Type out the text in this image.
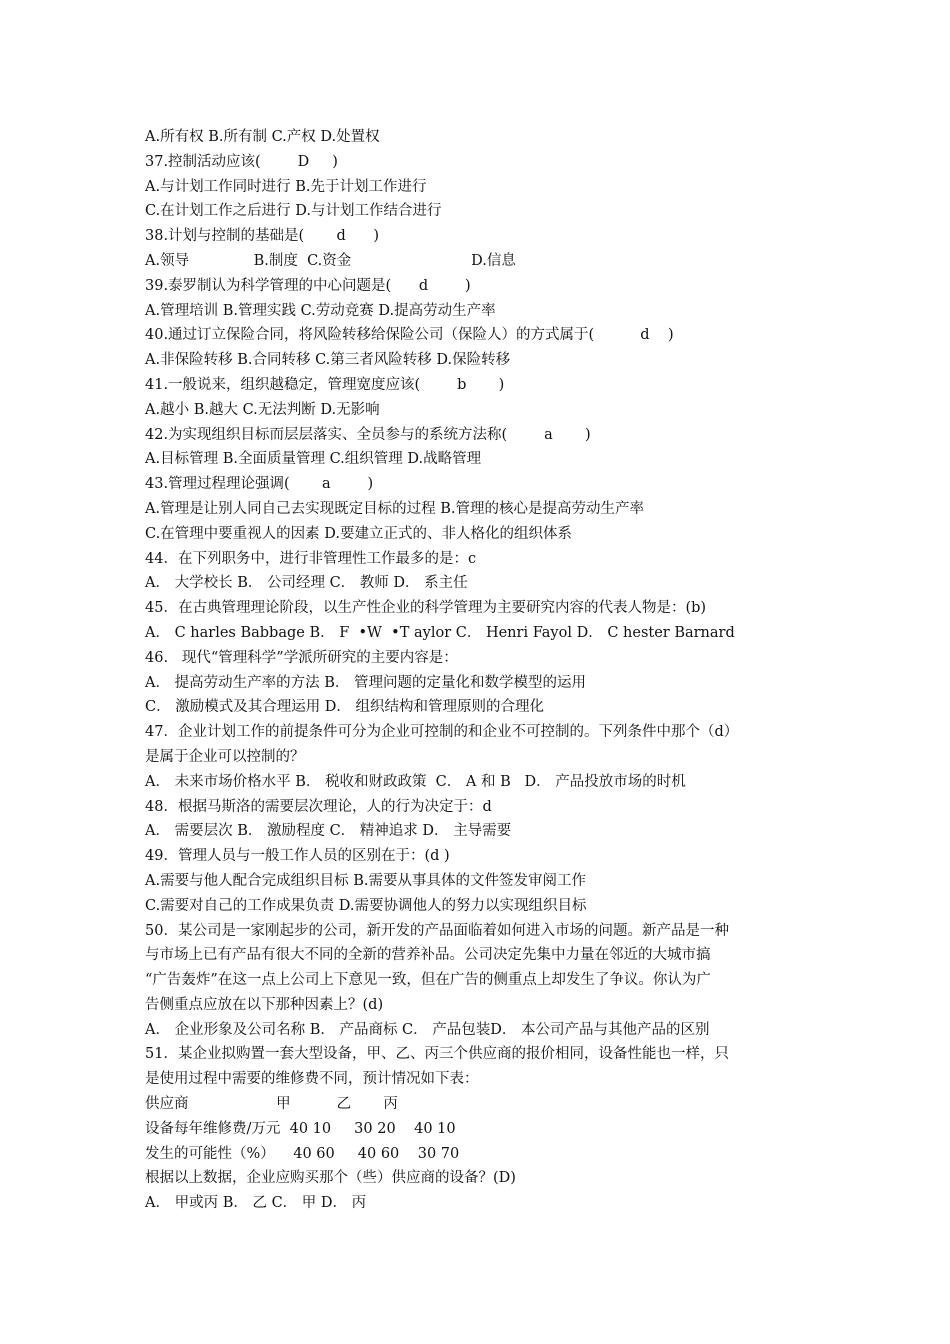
A.所有权 B.所有制 C.产权 D.处置权
37.控制活动应该(        D     )
A.与计划工作同时进行 B.先于计划工作进行
C.在计划工作之后进行 D.与计划工作结合进行
38.计划与控制的基础是(       d      )
A.领导              B.制度  C.资金                          D.信息
39.泰罗制认为科学管理的中心问题是(      d        )
A.管理培训 B.管理实践 C.劳动竞赛 D.提高劳动生产率
40.通过订立保险合同，将风险转移给保险公司（保险人）的方式属于(          d    )
A.非保险转移 B.合同转移 C.第三者风险转移 D.保险转移
41.一般说来，组织越稳定，管理宽度应该(        b       )
A.越小 B.越大 C.无法判断 D.无影响
42.为实现组织目标而层层落实、全员参与的系统方法称(        a       )
A.目标管理 B.全面质量管理 C.组织管理 D.战略管理
43.管理过程理论强调(       a        )
A.管理是让别人同自己去实现既定目标的过程 B.管理的核心是提高劳动生产率
C.在管理中要重视人的因素 D.要建立正式的、非人格化的组织体系
44．在下列职务中，进行非管理性工作最多的是：c
A． 大学校长 B． 公司经理 C． 教师 D． 系主任
45．在古典管理理论阶段，以生产性企业的科学管理为主要研究内容的代表人物是：(b)
A． C harles Babbage B． F  •W  •T aylor C． Henri Fayol D． C hester Barnard
46.   现代“管理科学”学派所研究的主要内容是：
A． 提高劳动生产率的方法 B． 管理问题的定量化和数学模型的运用
C． 激励模式及其合理运用 D． 组织结构和管理原则的合理化
47．企业计划工作的前提条件可分为企业可控制的和企业不可控制的。下列条件中那个（d）
是属于企业可以控制的？
A． 未来市场价格水平 B． 税收和财政政策  C． A 和 B   D． 产品投放市场的时机
48．根据马斯洛的需要层次理论，人的行为决定于：d
A． 需要层次 B． 激励程度 C． 精神追求 D． 主导需要
49．管理人员与一般工作人员的区别在于：(d )
A.需要与他人配合完成组织目标 B.需要从事具体的文件签发审阅工作
C.需要对自己的工作成果负责 D.需要协调他人的努力以实现组织目标
50．某公司是一家刚起步的公司，新开发的产品面临着如何进入市场的问题。新产品是一种
与市场上已有产品有很大不同的全新的营养补品。公司决定先集中力量在邻近的大城市搞
“广告轰炸”在这一点上公司上下意见一致，但在广告的侧重点上却发生了争议。你认为广
告侧重点应放在以下那种因素上？(d)
A． 企业形象及公司名称 B． 产品商标 C． 产品包装D． 本公司产品与其他产品的区别
51．某企业拟购置一套大型设备，甲、乙、丙三个供应商的报价相同，设备性能也一样，只
是使用过程中需要的维修费不同，预计情况如下表：
供应商                   甲          乙       丙
设备每年维修费/万元  40 10     30 20    40 10
发生的可能性（%）    40 60     40 60    30 70
根据以上数据，企业应购买那个（些）供应商的设备？(D)
A． 甲或丙 B． 乙 C． 甲 D． 丙
